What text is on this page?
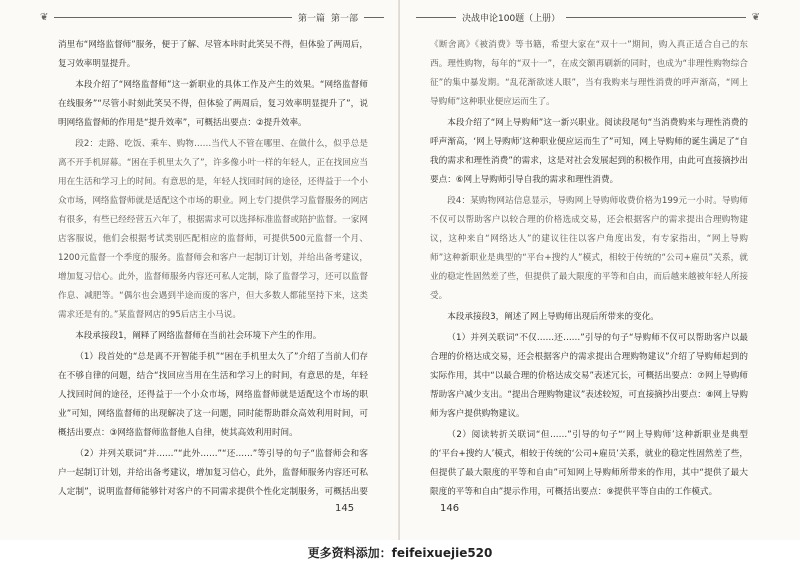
❦	第一篇 第一部

消里布“网络监督师”服务，便于了解、尽管本咔时此笑吴不得，但体验了两周后，复习效率明显提升。

本段介绍了“网络监督师”这一新职业的具体工作及产生的效果。“网络监督师在线服务”“尽管小时刻此笑吴不得，但体验了两周后，复习效率明显提升了”，说明网络监督师的作用是“提升效率”，可概括出要点：②提升效率。

段2：走路、吃饭、乘车、购物……当代人不管在哪里、在做什么，似乎总是离不开手机屏幕。“困在手机里太久了”，许多像小叶一样的年轻人，正在找回应当用在生活和学习上的时间。有意思的是，年轻人找回时间的途径，还得益于一个小众市场，网络监督师就是适配这个市场的职业。网上专门提供学习监督服务的网店有很多，有些已经经营五六年了，根据需求可以选择标准监督或陪护监督。一家网店客服说，他们会根据考试类别匹配相应的监督师，可提供500元监督一个月、1200元监督一个季度的服务。监督师会和客户一起制订计划，并给出备考建议，增加复习信心。此外，监督师服务内容还可私人定制，除了监督学习，还可以监督作息、减肥等。“偶尔也会遇到半途而废的客户，但大多数人都能坚持下来，这类需求还是有的。”某监督网店的95后店主小马说。

本段承接段1，阐释了网络监督师在当前社会环境下产生的作用。

（1）段首处的“总是离不开智能手机”“困在手机里太久了”介绍了当前人们存在不够自律的问题，结合“找回应当用在生活和学习上的时间，有意思的是，年轻人找回时间的途径，还得益于一个小众市场，网络监督师就是适配这个市场的职业”可知，网络监督师的出现解决了这一问题，同时能帮助群众高效利用时间，可概括出要点：③网络监督师监督他人自律，使其高效利用时间。

（2）并列关联词“并……”“此外……”“还……”等引导的句子“监督师会和客户一起制订计划，并给出备考建议，增加复习信心，此外，监督师服务内容还可私人定制”，说明监督师能够针对客户的不同需求提供个性化定制服务，可概括出要

145
决战申论100题（上册）	❦

《断舍离》《被消费》等书籍，希望大家在“双十一”期间，购入真正适合自己的东西。理性购物，每年的“双十一”，在成交额再刷新的同时，也成为“非理性购物综合征”的集中暴发期。“乱花渐欲迷人眼”，当有我购来与理性消费的呼声渐高，“网上导购师”这种职业便应运而生了。

本段介绍了“网上导购师”这一新兴职业。阅读段尾句“当消费购来与理性消费的呼声渐高，‘网上导购师’这种职业便应运而生了”可知，网上导购师的诞生满足了“自我的需求和理性消费”的需求，这是对社会发展起到的积极作用，由此可直接摘抄出要点：⑥网上导购师引导自我的需求和理性消费。

段4：某购物网站信息显示，导购网上导购师收费价格为199元一小时。导购师不仅可以帮助客户以较合理的价格选成交易，还会根据客户的需求提出合理购物建议，这种来自“网络达人”的建议往往以客户角度出发，有专家指出，“网上导购师”这种新职业是典型的“平台+搜约人”模式，相较于传统的“公司+雇员”关系，就业的稳定性固然差了些，但提供了最大限度的平等和自由，而后越来越被年轻人所接受。

本段承接段3，阐述了网上导购师出现后所带来的变化。

（1）并列关联词“不仅……还……”引导的句子“导购师不仅可以帮助客户以最合理的价格达成交易，还会根据客户的需求提出合理购物建议”介绍了导购师起到的实际作用，其中“以最合理的价格达成交易”表述冗长，可概括出要点：⑦网上导购师帮助客户减少支出。“提出合理购物建议”表述较短，可直接摘抄出要点：⑧网上导购师为客户提供购物建议。

（2）阅读转折关联词“但……”引导的句子“‘网上导购师’这种新职业是典型的‘平台+搜约人’模式，相较于传统的‘公司+雇员’关系，就业的稳定性固然差了些，但提供了最大限度的平等和自由”可知网上导购师所带来的作用，其中“提供了最大限度的平等和自由”提示作用，可概括出要点：⑨提供平等自由的工作模式。

146
更多资料添加：feifeixuejie520
